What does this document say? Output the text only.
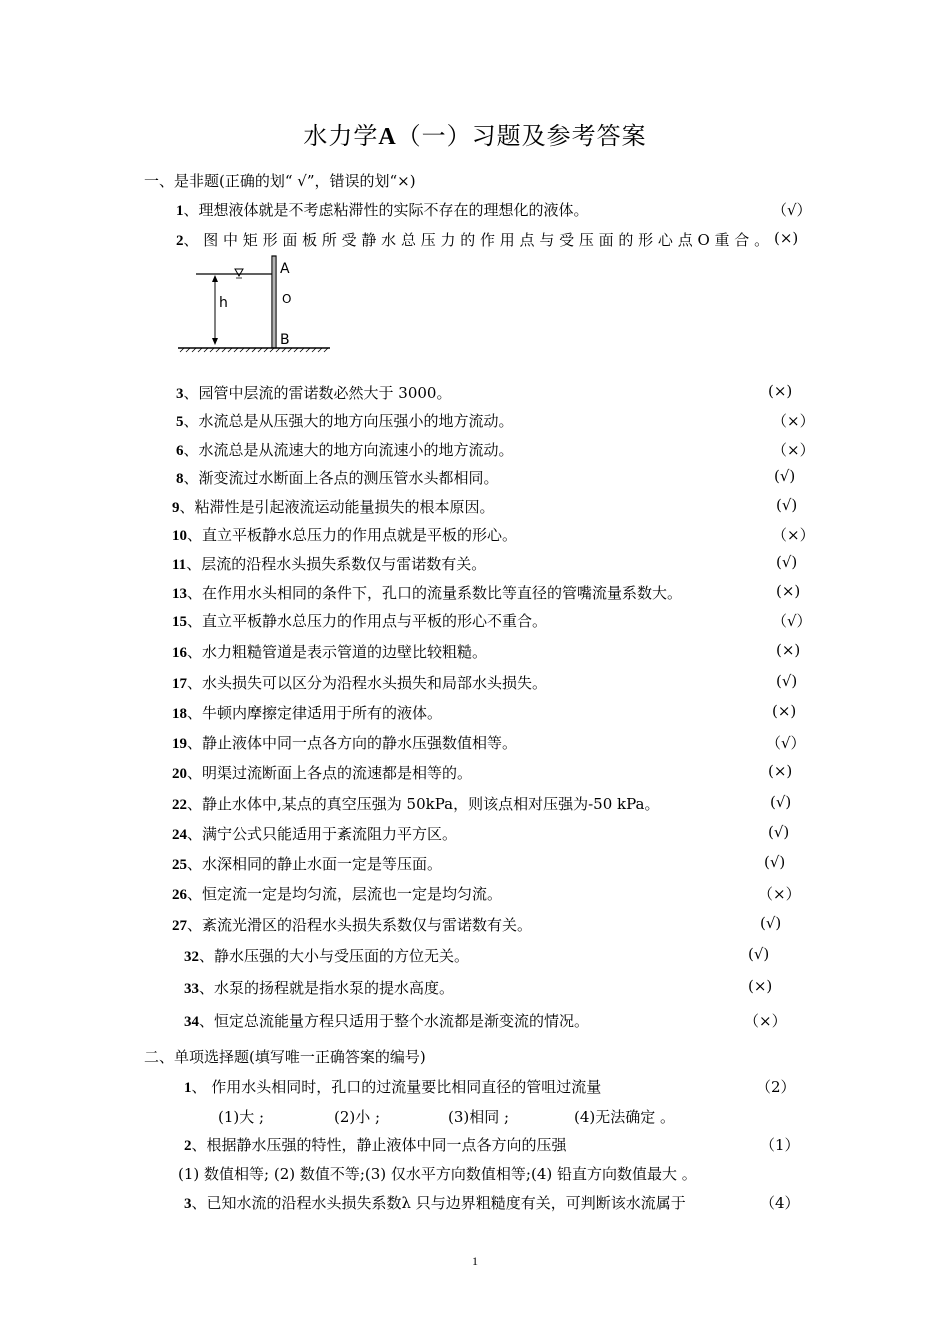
水力学A（一）习题及参考答案
一、是非题(正确的划“ √”，错误的划“×)
1、理想液体就是不考虑粘滞性的实际不存在的理想化的液体。	（√）
2、 图 中 矩 形 面 板 所 受 静 水 总 压 力 的 作 用 点 与 受 压 面 的 形 心 点 O 重 合 。 (×)
h
A
O
B
3、园管中层流的雷诺数必然大于 3000。	(×)
5、水流总是从压强大的地方向压强小的地方流动。	（×）
6、水流总是从流速大的地方向流速小的地方流动。	（×）
8、渐变流过水断面上各点的测压管水头都相同。	(√)
9、粘滞性是引起液流运动能量损失的根本原因。	(√)
10、直立平板静水总压力的作用点就是平板的形心。	（×）
11、层流的沿程水头损失系数仅与雷诺数有关。	(√)
13、在作用水头相同的条件下，孔口的流量系数比等直径的管嘴流量系数大。	(×)
15、直立平板静水总压力的作用点与平板的形心不重合。	（√）
16、水力粗糙管道是表示管道的边壁比较粗糙。	(×)
17、水头损失可以区分为沿程水头损失和局部水头损失。	(√)
18、牛顿内摩擦定律适用于所有的液体。	(×)
19、静止液体中同一点各方向的静水压强数值相等。	（√）
20、明渠过流断面上各点的流速都是相等的。	(×)
22、静止水体中,某点的真空压强为 50kPa，则该点相对压强为-50 kPa。	(√)
24、满宁公式只能适用于紊流阻力平方区。	(√)
25、水深相同的静止水面一定是等压面。	(√)
26、恒定流一定是均匀流，层流也一定是均匀流。	（×）
27、紊流光滑区的沿程水头损失系数仅与雷诺数有关。	(√)
32、静水压强的大小与受压面的方位无关。	(√)
33、水泵的扬程就是指水泵的提水高度。	(×)
34、恒定总流能量方程只适用于整个水流都是渐变流的情况。	（×）
二、单项选择题(填写唯一正确答案的编号)
1、 作用水头相同时，孔口的过流量要比相同直径的管咀过流量	（2）
(1)大 ;	(2)小 ;	(3)相同 ;	(4)无法确定 。
2、根据静水压强的特性，静止液体中同一点各方向的压强	（1）
(1) 数值相等; (2) 数值不等;(3) 仅水平方向数值相等;(4) 铅直方向数值最大 。
3、已知水流的沿程水头损失系数λ 只与边界粗糙度有关，可判断该水流属于	（4）
1
